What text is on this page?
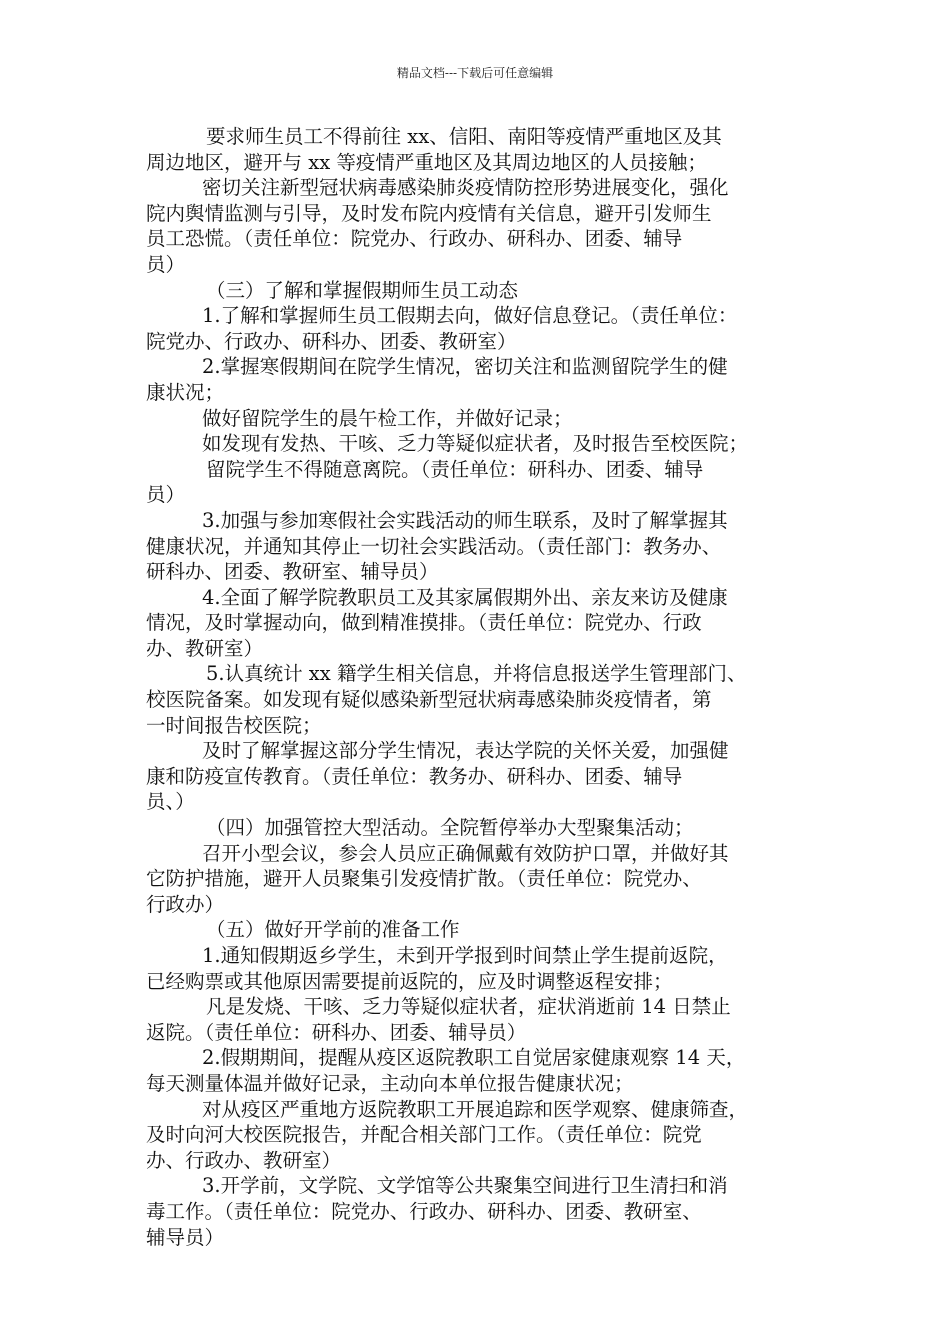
精品文档---下载后可任意编辑
要求师生员工不得前往 xx、信阳、南阳等疫情严重地区及其
周边地区，避开与 xx 等疫情严重地区及其周边地区的人员接触；
密切关注新型冠状病毒感染肺炎疫情防控形势进展变化，强化
院内舆情监测与引导，及时发布院内疫情有关信息，避开引发师生
员工恐慌。（责任单位：院党办、行政办、研科办、团委、辅导
员）
（三）了解和掌握假期师生员工动态
1.了解和掌握师生员工假期去向，做好信息登记。（责任单位：
院党办、行政办、研科办、团委、教研室）
2.掌握寒假期间在院学生情况，密切关注和监测留院学生的健
康状况；
做好留院学生的晨午检工作，并做好记录；
如发现有发热、干咳、乏力等疑似症状者，及时报告至校医院；
留院学生不得随意离院。（责任单位：研科办、团委、辅导
员）
3.加强与参加寒假社会实践活动的师生联系，及时了解掌握其
健康状况，并通知其停止一切社会实践活动。（责任部门：教务办、
研科办、团委、教研室、辅导员）
4.全面了解学院教职员工及其家属假期外出、亲友来访及健康
情况，及时掌握动向，做到精准摸排。（责任单位：院党办、行政
办、教研室）
5.认真统计 xx 籍学生相关信息，并将信息报送学生管理部门、
校医院备案。如发现有疑似感染新型冠状病毒感染肺炎疫情者，第
一时间报告校医院；
及时了解掌握这部分学生情况，表达学院的关怀关爱，加强健
康和防疫宣传教育。（责任单位：教务办、研科办、团委、辅导
员、）
（四）加强管控大型活动。全院暂停举办大型聚集活动；
召开小型会议，参会人员应正确佩戴有效防护口罩，并做好其
它防护措施，避开人员聚集引发疫情扩散。（责任单位：院党办、
行政办）
（五）做好开学前的准备工作
1.通知假期返乡学生，未到开学报到时间禁止学生提前返院，
已经购票或其他原因需要提前返院的，应及时调整返程安排；
凡是发烧、干咳、乏力等疑似症状者，症状消逝前 14 日禁止
返院。（责任单位：研科办、团委、辅导员）
2.假期期间，提醒从疫区返院教职工自觉居家健康观察 14 天，
每天测量体温并做好记录，主动向本单位报告健康状况；
对从疫区严重地方返院教职工开展追踪和医学观察、健康筛查，
及时向河大校医院报告，并配合相关部门工作。（责任单位：院党
办、行政办、教研室）
3.开学前，文学院、文学馆等公共聚集空间进行卫生清扫和消
毒工作。（责任单位：院党办、行政办、研科办、团委、教研室、
辅导员）
